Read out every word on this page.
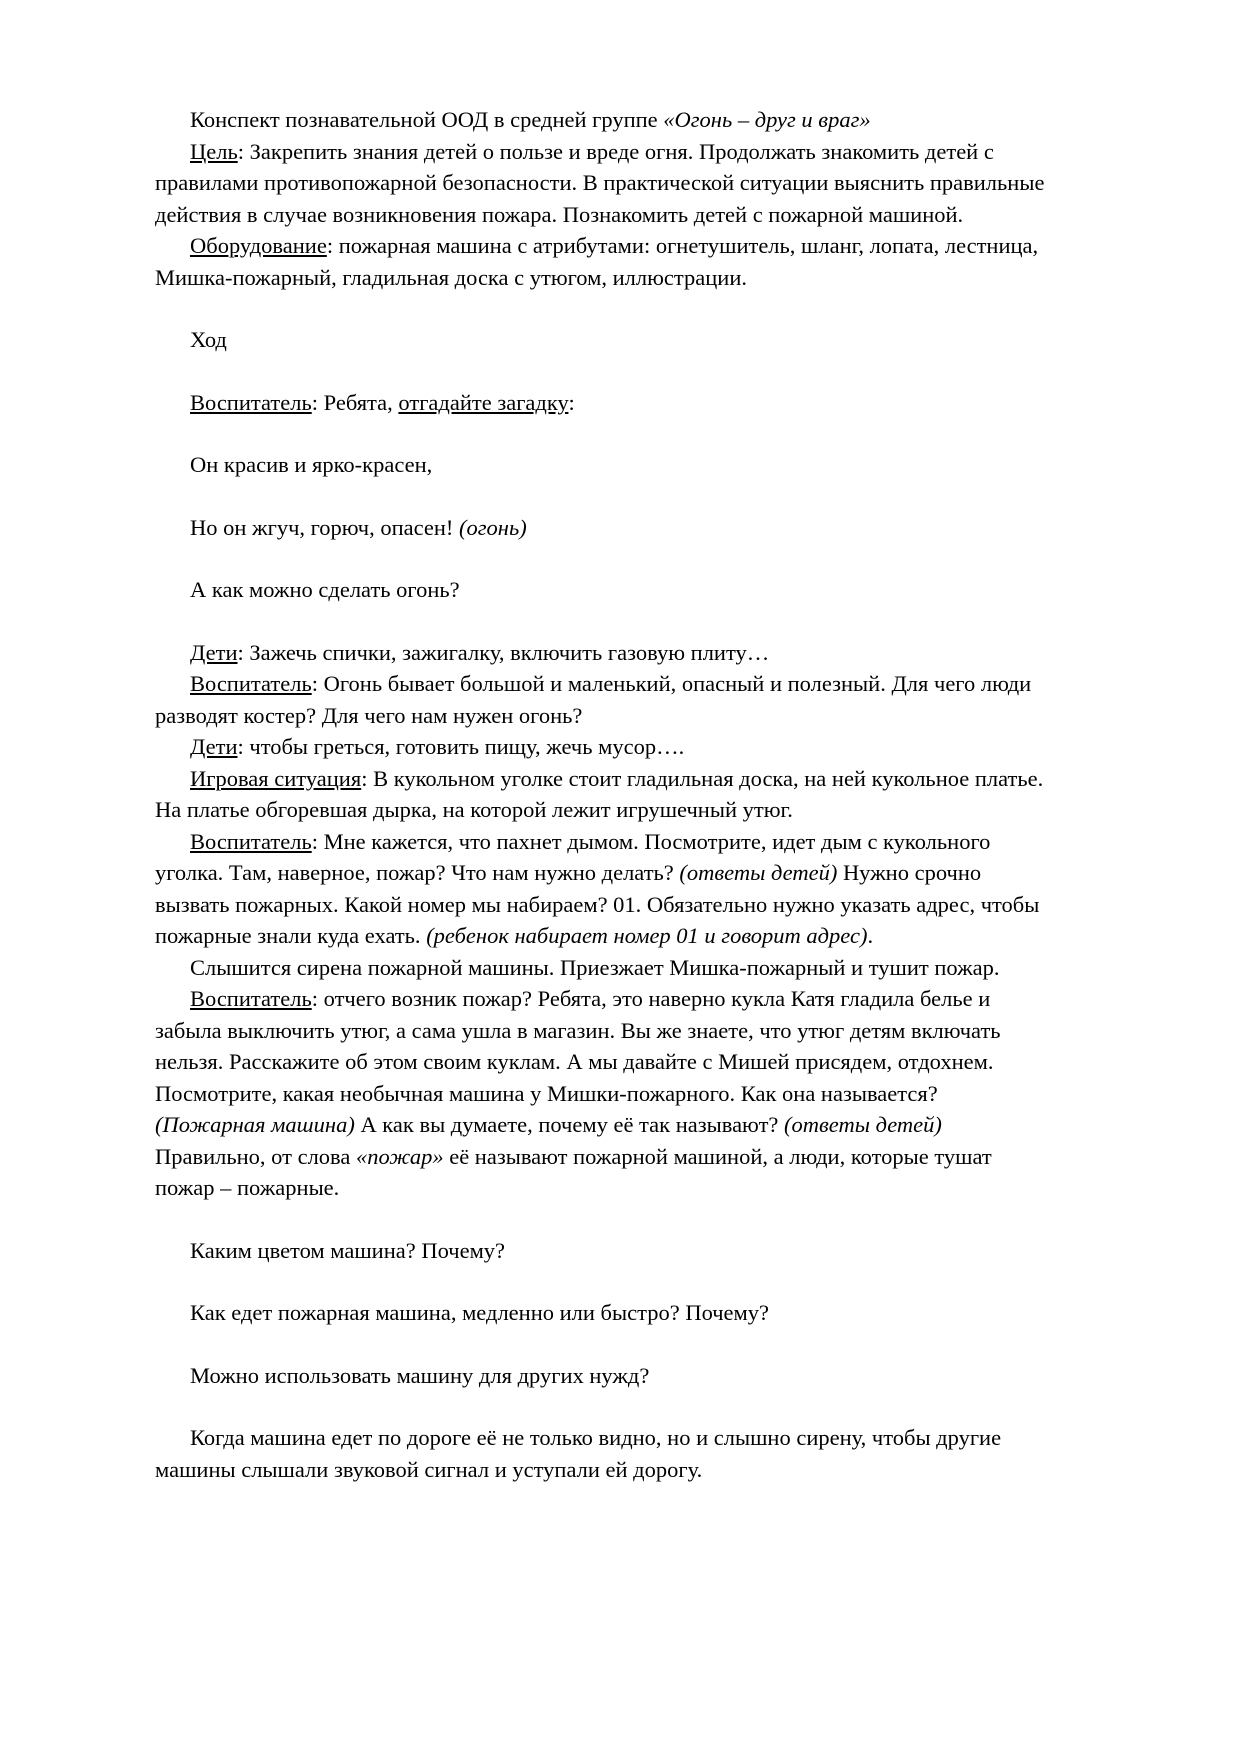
Конспект познавательной ООД в средней группе «Огонь – друг и враг»

Цель: Закрепить знания детей о пользе и вреде огня. Продолжать знакомить детей с правилами противопожарной безопасности. В практической ситуации выяснить правильные действия в случае возникновения пожара. Познакомить детей с пожарной машиной.

Оборудование: пожарная машина с атрибутами: огнетушитель, шланг, лопата, лестница, Мишка-пожарный, гладильная доска с утюгом, иллюстрации.

Ход

Воспитатель: Ребята, отгадайте загадку:

Он красив и ярко-красен,

Но он жгуч, горюч, опасен! (огонь)

А как можно сделать огонь?

Дети: Зажечь спички, зажигалку, включить газовую плиту…

Воспитатель: Огонь бывает большой и маленький, опасный и полезный. Для чего люди разводят костер? Для чего нам нужен огонь?

Дети: чтобы греться, готовить пищу, жечь мусор….

Игровая ситуация: В кукольном уголке стоит гладильная доска, на ней кукольное платье. На платье обгоревшая дырка, на которой лежит игрушечный утюг.

Воспитатель: Мне кажется, что пахнет дымом. Посмотрите, идет дым с кукольного уголка. Там, наверное, пожар? Что нам нужно делать? (ответы детей) Нужно срочно вызвать пожарных. Какой номер мы набираем? 01. Обязательно нужно указать адрес, чтобы пожарные знали куда ехать. (ребенок набирает номер 01 и говорит адрес).

Слышится сирена пожарной машины. Приезжает Мишка-пожарный и тушит пожар.

Воспитатель: отчего возник пожар? Ребята, это наверно кукла Катя гладила белье и забыла выключить утюг, а сама ушла в магазин. Вы же знаете, что утюг детям включать нельзя. Расскажите об этом своим куклам. А мы давайте с Мишей присядем, отдохнем. Посмотрите, какая необычная машина у Мишки-пожарного. Как она называется? (Пожарная машина) А как вы думаете, почему её так называют? (ответы детей) Правильно, от слова «пожар» её называют пожарной машиной, а люди, которые тушат пожар – пожарные.

Каким цветом машина? Почему?

Как едет пожарная машина, медленно или быстро? Почему?

Можно использовать машину для других нужд?

Когда машина едет по дороге её не только видно, но и слышно сирену, чтобы другие машины слышали звуковой сигнал и уступали ей дорогу.
